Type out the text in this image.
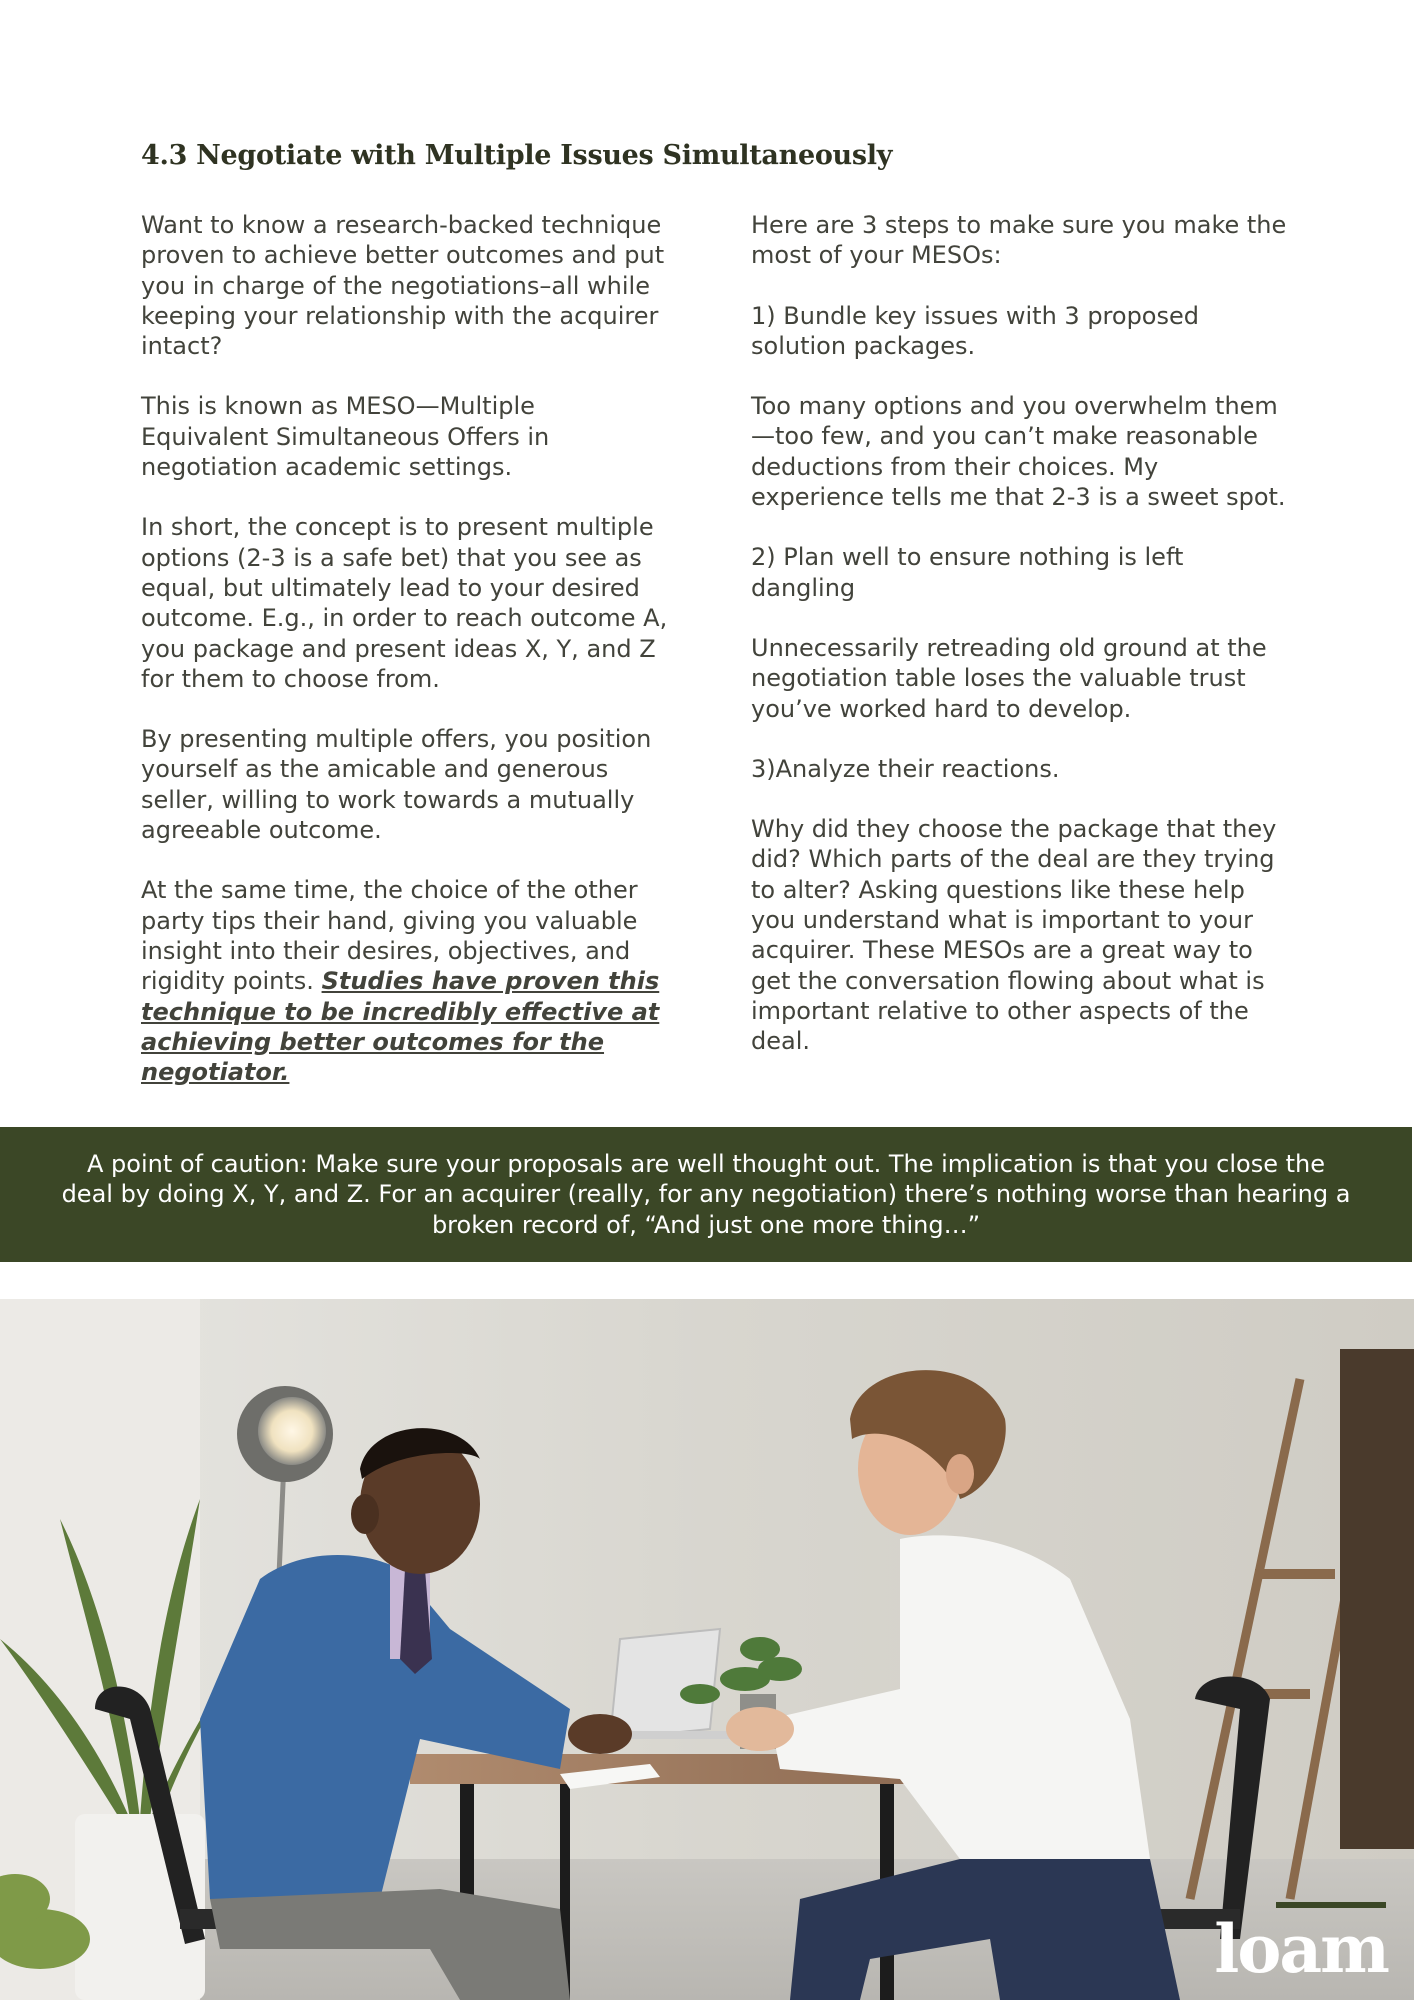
4.3 Negotiate with Multiple Issues Simultaneously

Want to know a research-backed technique proven to achieve better outcomes and put you in charge of the negotiations–all while keeping your relationship with the acquirer intact?

This is known as MESO—Multiple Equivalent Simultaneous Offers in negotiation academic settings.

In short, the concept is to present multiple options (2-3 is a safe bet) that you see as equal, but ultimately lead to your desired outcome. E.g., in order to reach outcome A, you package and present ideas X, Y, and Z for them to choose from.

By presenting multiple offers, you position yourself as the amicable and generous seller, willing to work towards a mutually agreeable outcome.

At the same time, the choice of the other party tips their hand, giving you valuable insight into their desires, objectives, and rigidity points. Studies have proven this technique to be incredibly effective at achieving better outcomes for the negotiator.

Here are 3 steps to make sure you make the most of your MESOs:

1) Bundle key issues with 3 proposed solution packages.

Too many options and you overwhelm them—too few, and you can’t make reasonable deductions from their choices. My experience tells me that 2-3 is a sweet spot.

2) Plan well to ensure nothing is left dangling

Unnecessarily retreading old ground at the negotiation table loses the valuable trust you’ve worked hard to develop.

3)Analyze their reactions.

Why did they choose the package that they did? Which parts of the deal are they trying to alter? Asking questions like these help you understand what is important to your acquirer. These MESOs are a great way to get the conversation flowing about what is important relative to other aspects of the deal.

A point of caution: Make sure your proposals are well thought out. The implication is that you close the deal by doing X, Y, and Z. For an acquirer (really, for any negotiation) there’s nothing worse than hearing a broken record of, “And just one more thing…”

loam
